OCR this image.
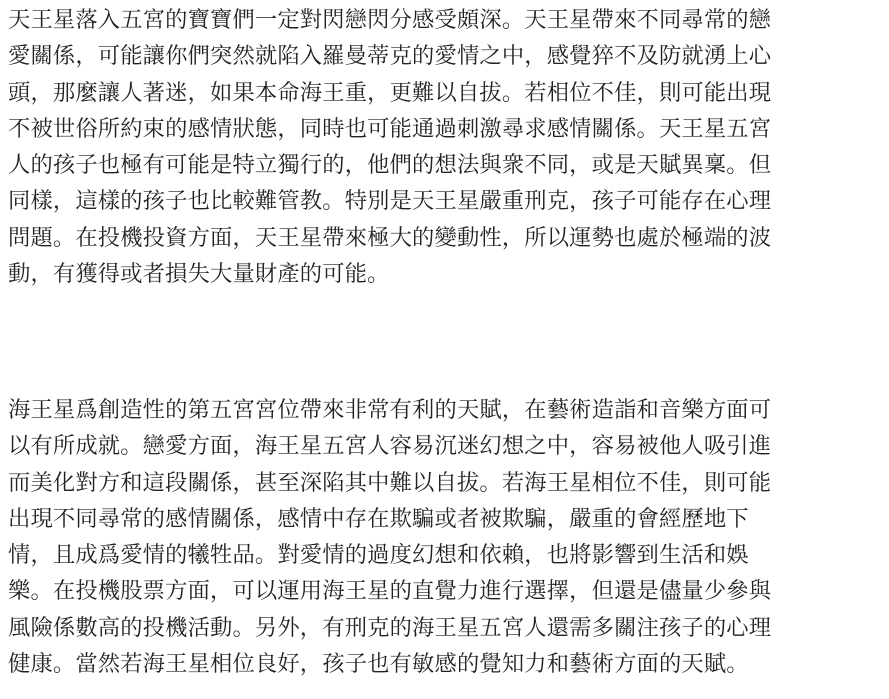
天王星落入五宮的寶寶們一定對閃戀閃分感受頗深。天王星帶來不同尋常的戀
愛關係，可能讓你們突然就陷入羅曼蒂克的愛情之中，感覺猝不及防就湧上心
頭，那麼讓人著迷，如果本命海王重，更難以自拔。若相位不佳，則可能出現
不被世俗所約束的感情狀態，同時也可能通過刺激尋求感情關係。天王星五宮
人的孩子也極有可能是特立獨行的，他們的想法與衆不同，或是天賦異稟。但
同樣，這樣的孩子也比較難管教。特別是天王星嚴重刑克，孩子可能存在心理
問題。在投機投資方面，天王星帶來極大的變動性，所以運勢也處於極端的波
動，有獲得或者損失大量財產的可能。

海王星爲創造性的第五宮宮位帶來非常有利的天賦，在藝術造詣和音樂方面可
以有所成就。戀愛方面，海王星五宮人容易沉迷幻想之中，容易被他人吸引進
而美化對方和這段關係，甚至深陷其中難以自拔。若海王星相位不佳，則可能
出現不同尋常的感情關係，感情中存在欺騙或者被欺騙，嚴重的會經歷地下
情，且成爲愛情的犧牲品。對愛情的過度幻想和依賴，也將影響到生活和娛
樂。在投機股票方面，可以運用海王星的直覺力進行選擇，但還是儘量少參與
風險係數高的投機活動。另外，有刑克的海王星五宮人還需多關注孩子的心理
健康。當然若海王星相位良好，孩子也有敏感的覺知力和藝術方面的天賦。
